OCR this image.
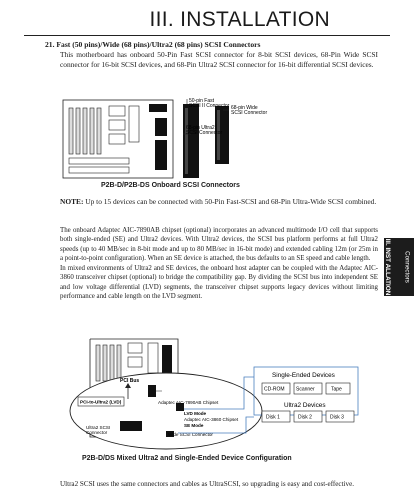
III. INSTALLATION
21. Fast (50 pins)/Wide (68 pins)/Ultra2 (68 pins) SCSI Connectors
This motherboard has onboard 50-Pin Fast SCSI connector for 8-bit SCSI devices, 68-Pin Wide SCSI connector for 16-bit SCSI devices, and 68-Pin Ultra2 SCSI connector for 16-bit differential SCSI devices.
50-pin Fast
SCSI II Connector 68-pin Wide
SCSI Connector
68-pin Ultra2
SCSI Connector
P2B-D/P2B-DS Onboard SCSI Connectors
NOTE: Up to 15 devices can be connected with 50-Pin Fast-SCSI and 68-Pin Ultra-Wide SCSI combined.

The onboard Adaptec AIC-7890AB chipset (optional) incorporates an advanced multimode I/O cell that supports both single-ended (SE) and Ultra2 devices. With Ultra2 devices, the SCSI bus platform performs at full Ultra2 speeds (up to 40 MB/sec in 8-bit mode and up to 80 MB/sec in 16-bit mode) and extended cabling 12m (or 25m in a point-to-point configuration). When an SE device is attached, the bus defaults to an SE speed and cable length.

In mixed environments of Ultra2 and SE devices, the onboard host adapter can be coupled with the Adaptec AIC-3860 transceiver chipset (optional) to bridge the compatibility gap. By dividing the SCSI bus into independent SE and low voltage differential (LVD) segments, the transceiver chipset supports legacy devices without limiting performance and cable length on the LVD segment.

III. INST ALLATION Connectors
PCI Bus
PCI-to-Ultra2 (LVD)	Adaptec AIC-7890AB Chipset
LVD Mode
Adaptec AIC-3860 Chipset
SE Mode
Ultra2 SCSI
Connector	Wide SCSI Connector
Single-Ended Devices
CD-ROM Scanner	Tape
Ultra2 Devices
Disk 1	Disk 2	Disk 3
P2B-D/DS Mixed Ultra2 and Single-Ended Device Configuration
Ultra2 SCSI uses the same connectors and cables as UltraSCSI, so upgrading is easy and cost-effective.
